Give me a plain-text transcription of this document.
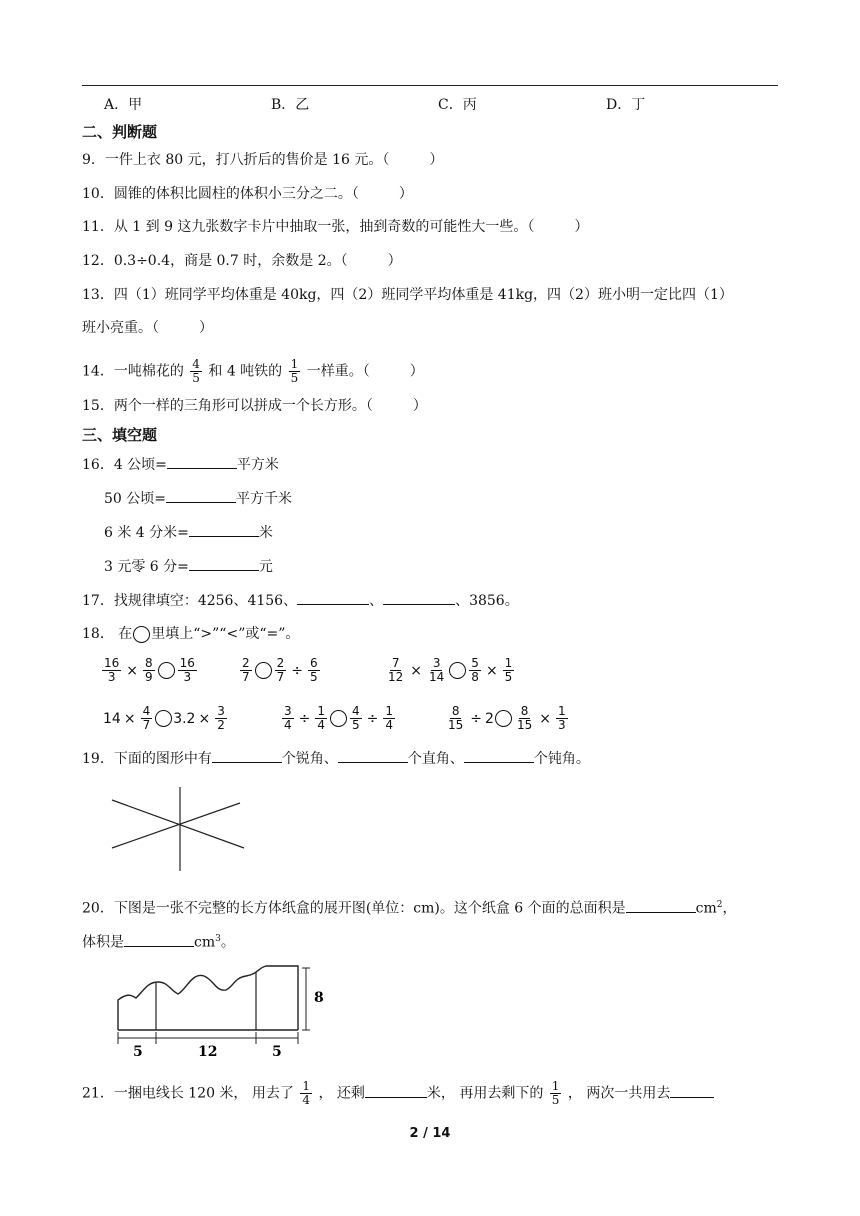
A．甲	B．乙	C．丙	D．丁
二、判断题
9．一件上衣 80 元，打八折后的售价是 16 元。（	）
10．圆锥的体积比圆柱的体积小三分之二。（	）
11．从 1 到 9 这九张数字卡片中抽取一张，抽到奇数的可能性大一些。（	）
12．0.3÷0.4，商是 0.7 时，余数是 2。（	）
13．四（1）班同学平均体重是 40kg，四（2）班同学平均体重是 41kg，四（2）班小明一定比四（1）
班小亮重。（	）
14．一吨棉花的 $\frac{4}{5}$ 和 4 吨铁的 $\frac{1}{5}$ 一样重。（	）
15．两个一样的三角形可以拼成一个长方形。（	）
三、填空题
16．4 公顷=	平方米
50 公顷=	平方千米
6 米 4 分米=	米
3 元零 6 分=	元
17．找规律填空：4256、4156、	、	、3856。
18． 在 里填上“>”“<”或“=”。
$\frac{16}{3} \times \frac{8}{9} \frac{16}{3}$	$\frac{2}{7} \frac{2}{7} \div \frac{6}{5}$	$\frac{7}{12} \times \frac{3}{14} \frac{5}{8} \times \frac{1}{5}$
$14 \times \frac{4}{7} 3.2 \times \frac{3}{2}$	$\frac{3}{4} \div \frac{1}{4} \frac{4}{5} \div \frac{1}{4}$	$\frac{8}{15} \div 2 \frac{8}{15} \times \frac{1}{3}$
19．下面的图形中有	个锐角、	个直角、	个钝角。
20．下图是一张不完整的长方体纸盒的展开图(单位：cm)。这个纸盒 6 个面的总面积是	$cm^2$，
体积是	$cm^3$。
8
5	12	5
21．一捆电线长 120 米， 用去了 $\frac{1}{4}$ ， 还剩	米， 再用去剩下的 $\frac{1}{5}$ ， 两次一共用去
2 / 14
